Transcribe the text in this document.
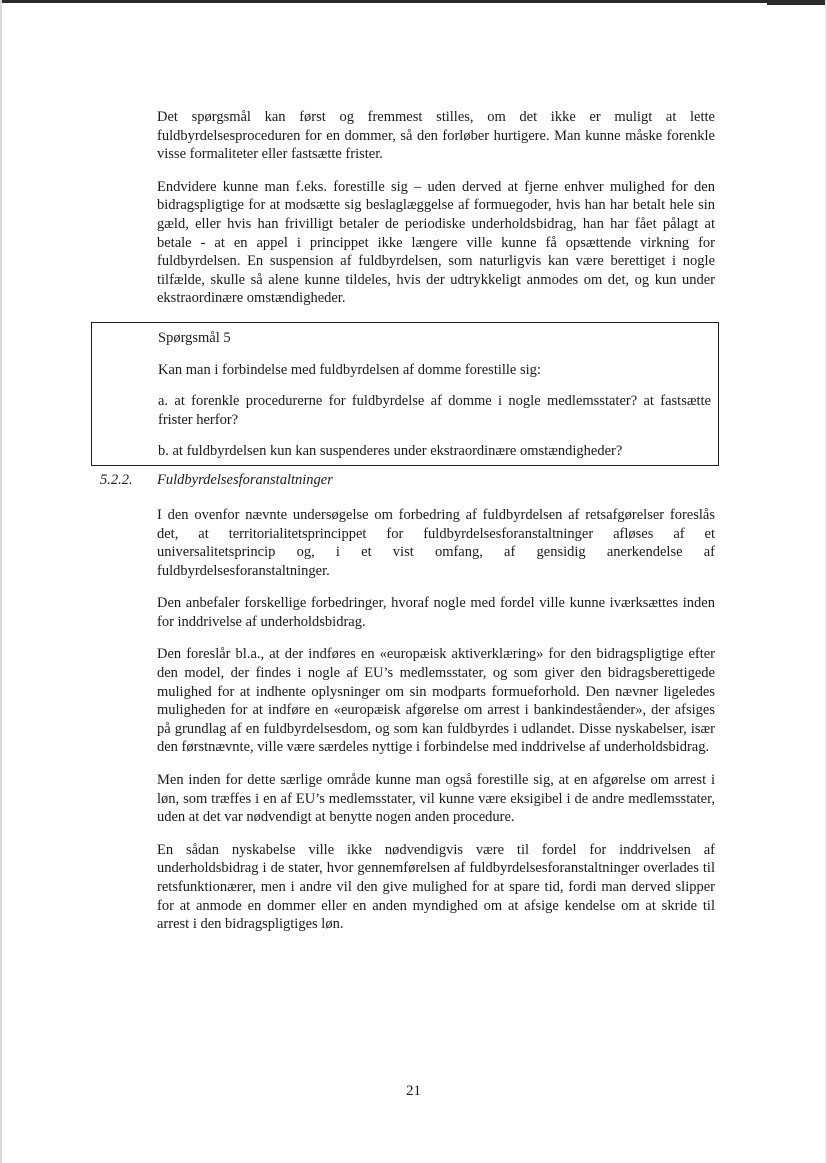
Det spørgsmål kan først og fremmest stilles, om det ikke er muligt at lette fuldbyrdelsesproceduren for en dommer, så den forløber hurtigere. Man kunne måske forenkle visse formaliteter eller fastsætte frister.

Endvidere kunne man f.eks. forestille sig – uden derved at fjerne enhver mulighed for den bidragspligtige for at modsætte sig beslaglæggelse af formuegoder, hvis han har betalt hele sin gæld, eller hvis han frivilligt betaler de periodiske underholdsbidrag, han har fået pålagt at betale - at en appel i princippet ikke længere ville kunne få opsættende virkning for fuldbyrdelsen. En suspension af fuldbyrdelsen, som naturligvis kan være berettiget i nogle tilfælde, skulle så alene kunne tildeles, hvis der udtrykkeligt anmodes om det, og kun under ekstraordinære omstændigheder.

Spørgsmål 5

Kan man i forbindelse med fuldbyrdelsen af domme forestille sig:

a. at forenkle procedurerne for fuldbyrdelse af domme i nogle medlemsstater? at fastsætte frister herfor?

b. at fuldbyrdelsen kun kan suspenderes under ekstraordinære omstændigheder?

5.2.2. Fuldbyrdelsesforanstaltninger

I den ovenfor nævnte undersøgelse om forbedring af fuldbyrdelsen af retsafgørelser foreslås det, at territorialitetsprincippet for fuldbyrdelsesforanstaltninger afløses af et universalitetsprincip og, i et vist omfang, af gensidig anerkendelse af fuldbyrdelsesforanstaltninger.

Den anbefaler forskellige forbedringer, hvoraf nogle med fordel ville kunne iværksættes inden for inddrivelse af underholdsbidrag.

Den foreslår bl.a., at der indføres en «europæisk aktiverklæring» for den bidragspligtige efter den model, der findes i nogle af EU’s medlemsstater, og som giver den bidragsberettigede mulighed for at indhente oplysninger om sin modparts formueforhold. Den nævner ligeledes muligheden for at indføre en «europæisk afgørelse om arrest i bankindeståender», der afsiges på grundlag af en fuldbyrdelsesdom, og som kan fuldbyrdes i udlandet. Disse nyskabelser, især den førstnævnte, ville være særdeles nyttige i forbindelse med inddrivelse af underholdsbidrag.

Men inden for dette særlige område kunne man også forestille sig, at en afgørelse om arrest i løn, som træffes i en af EU’s medlemsstater, vil kunne være eksigibel i de andre medlemsstater, uden at det var nødvendigt at benytte nogen anden procedure.

En sådan nyskabelse ville ikke nødvendigvis være til fordel for inddrivelsen af underholdsbidrag i de stater, hvor gennemførelsen af fuldbyrdelsesforanstaltninger overlades til retsfunktionærer, men i andre vil den give mulighed for at spare tid, fordi man derved slipper for at anmode en dommer eller en anden myndighed om at afsige kendelse om at skride til arrest i den bidragspligtiges løn.

21
